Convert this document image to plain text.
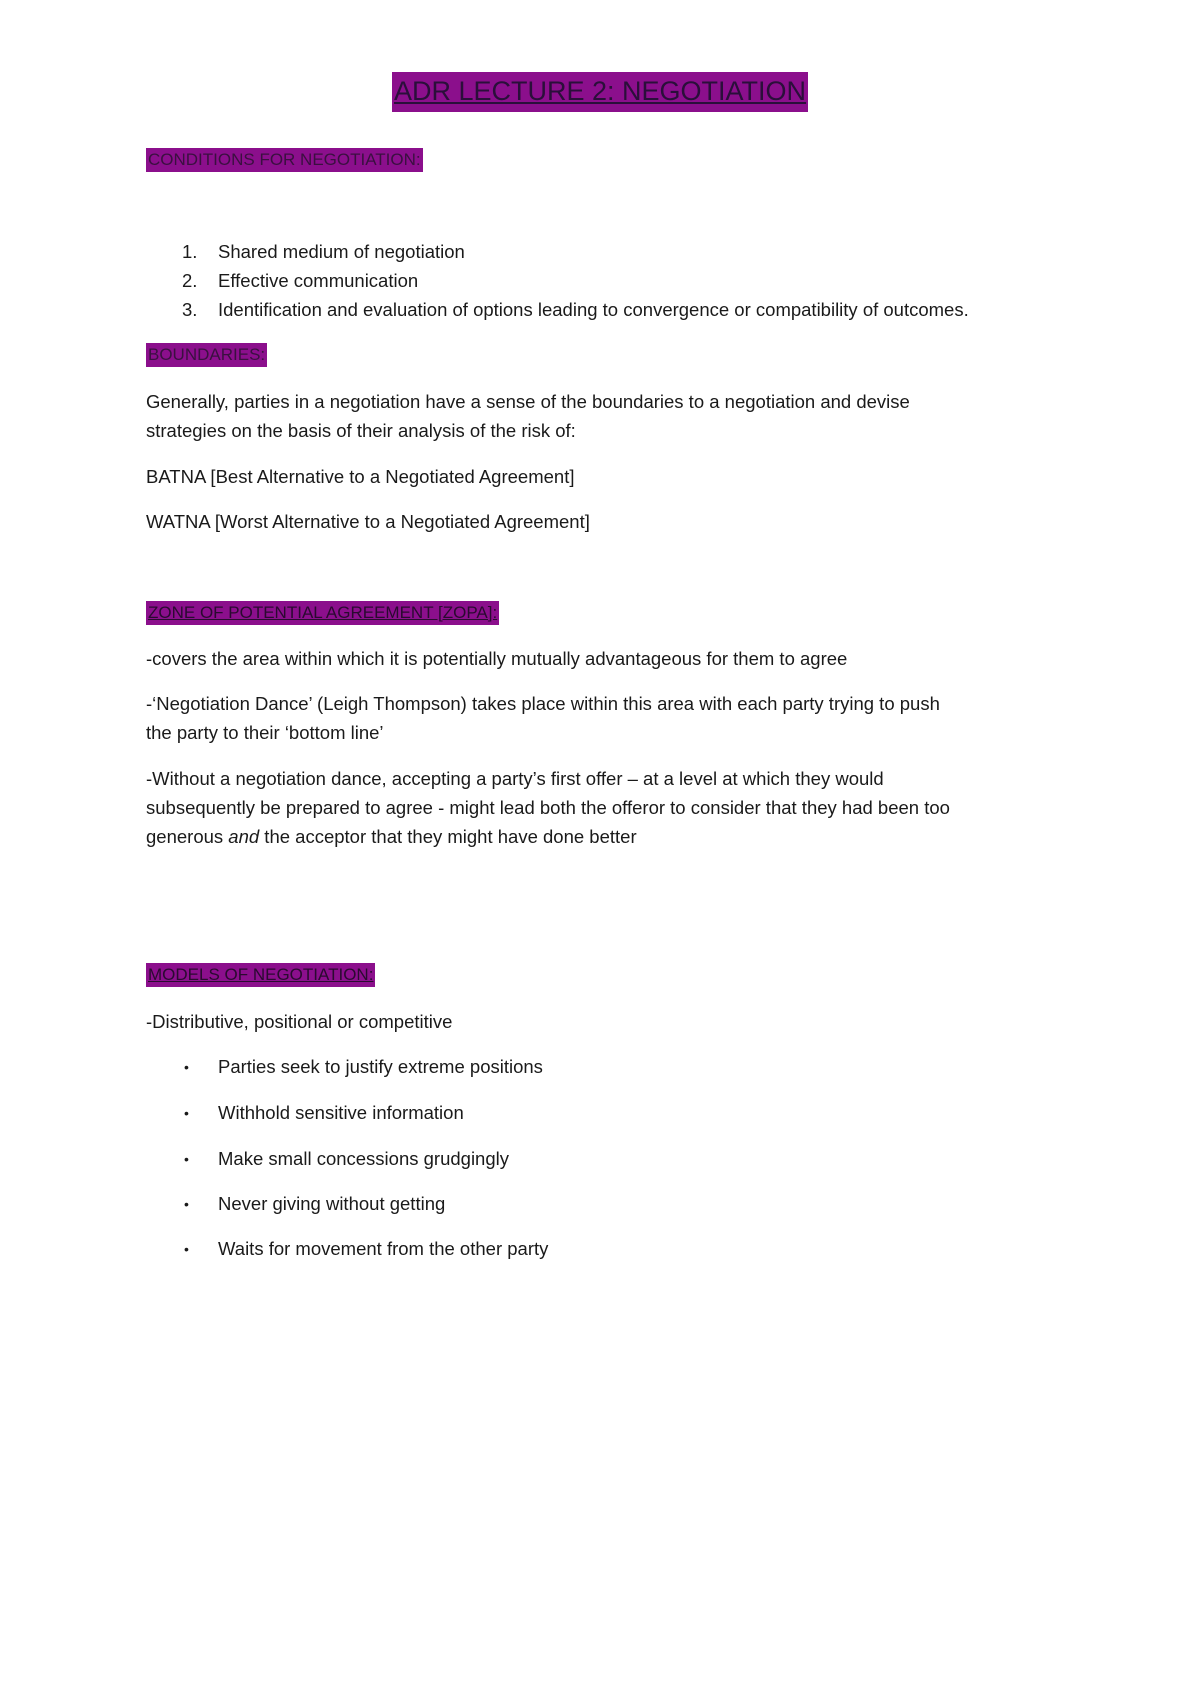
ADR LECTURE 2: NEGOTIATION
CONDITIONS FOR NEGOTIATION:
1.	Shared medium of negotiation
2.	Effective communication
3.	Identification and evaluation of options leading to convergence or compatibility of outcomes.
BOUNDARIES:
Generally, parties in a negotiation have a sense of the boundaries to a negotiation and devise
strategies on the basis of their analysis of the risk of:
BATNA [Best Alternative to a Negotiated Agreement]
WATNA [Worst Alternative to a Negotiated Agreement]
ZONE OF POTENTIAL AGREEMENT [ZOPA]:
-covers the area within which it is potentially mutually advantageous for them to agree
-‘Negotiation Dance’ (Leigh Thompson) takes place within this area with each party trying to push
the party to their ‘bottom line’
-Without a negotiation dance, accepting a party’s first offer – at a level at which they would
subsequently be prepared to agree - might lead both the offeror to consider that they had been too
generous and the acceptor that they might have done better
MODELS OF NEGOTIATION:
-Distributive, positional or competitive
• Parties seek to justify extreme positions
• Withhold sensitive information
• Make small concessions grudgingly
• Never giving without getting
• Waits for movement from the other party
